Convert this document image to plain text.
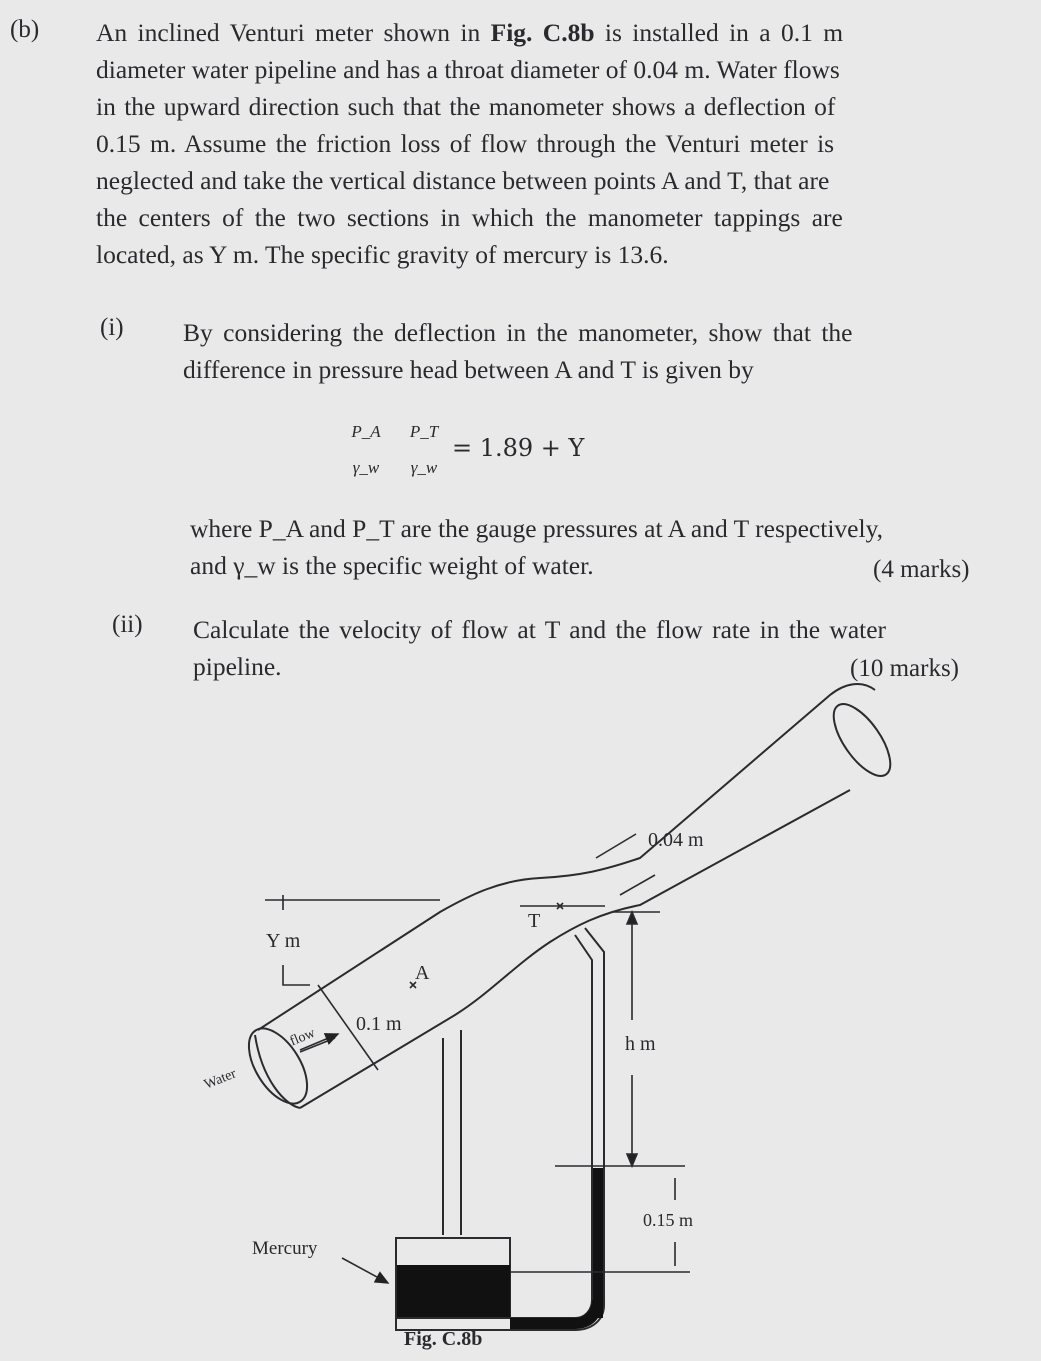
(b) An inclined Venturi meter shown in Fig. C.8b is installed in a 0.1 m
diameter water pipeline and has a throat diameter of 0.04 m. Water flows
in the upward direction such that the manometer shows a deflection of
0.15 m. Assume the friction loss of flow through the Venturi meter is
neglected and take the vertical distance between points A and T, that are
the centers of the two sections in which the manometer tappings are
located, as Y m. The specific gravity of mercury is 13.6.
(i) By considering the deflection in the manometer, show that the
difference in pressure head between A and T is given by
P_A
γ_w
P_T
γ_w
= 1.89 + Y
where P_A and P_T are the gauge pressures at A and T respectively,
and γ_w is the specific weight of water.	(4 marks)
(ii) Calculate the velocity of flow at T and the flow rate in the water
pipeline.	(10 marks)
0.04 m
T
A
Y m
0.1 m
h m
0.15 m
flow
Water
Mercury
Fig. C.8b
